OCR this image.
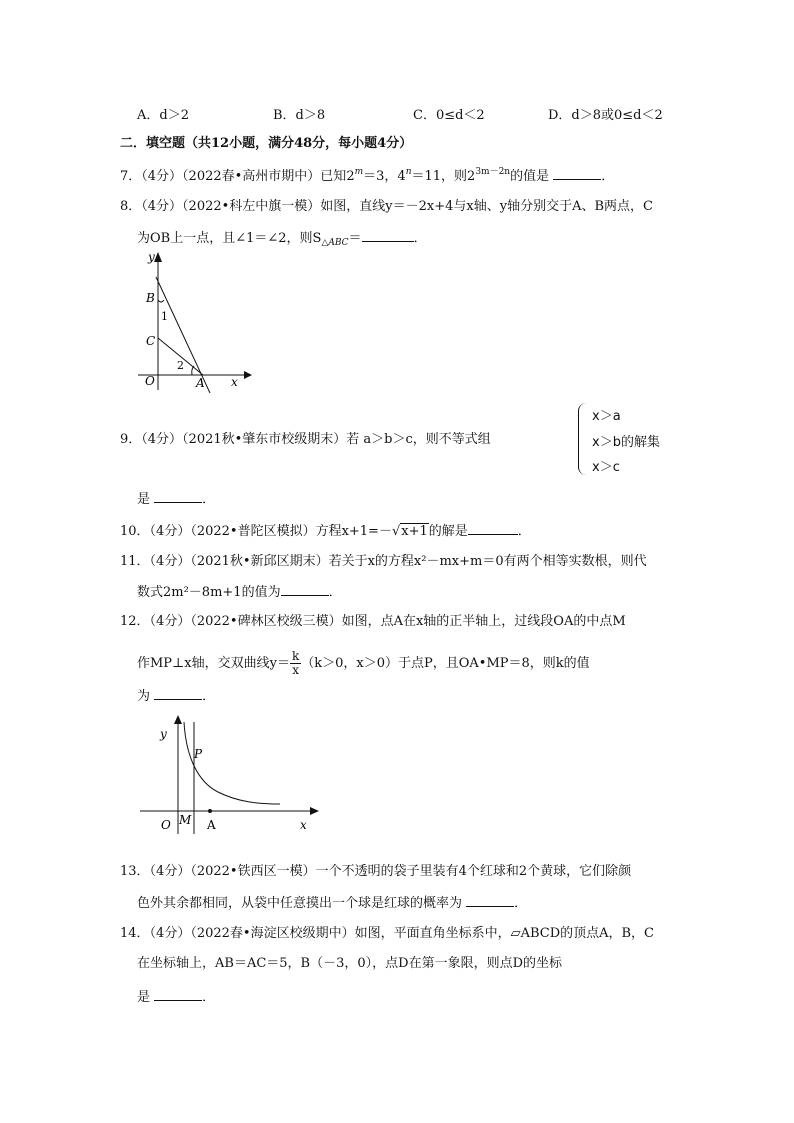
A．d＞2	B．d＞8	C．0≤d＜2	D．d＞8或0≤d＜2
二．填空题（共12小题，满分48分，每小题4分）
7．（4分）（2022春•高州市期中）已知$2^m=3$，$4^n=11$，则$2^{3m-2n}$的值是	．
8．（4分）（2022•科左中旗一模）如图，直线y＝－2x+4与x轴、y轴分别交于A、B两点，C
为OB上一点，且∠1＝∠2，则$S_{\triangle ABC}=$	．
y
x
B
C
O	A
1
2
9．（4分）（2021秋•肇东市校级期末）若 a＞b＞c，则不等式组
x＞a
x＞b的解集
x＞c
是	．
10．（4分）（2022•普陀区模拟）方程x+1=－√x+1的解是	．
11．（4分）（2021秋•新邱区期末）若关于x的方程x²－mx+m＝0有两个相等实数根，则代
数式2m²－8m+1的值为	．
12．（4分）（2022•碑林区校级三模）如图，点A在x轴的正半轴上，过线段OA的中点M
作MP⊥x轴，交双曲线$y= \frac{k}{x} (k>0$，x＞0）于点P，且OA•MP＝8，则k的值
为	．
y
x
O M A
P
13．（4分）（2022•铁西区一模）一个不透明的袋子里装有4个红球和2个黄球，它们除颜
色外其余都相同，从袋中任意摸出一个球是红球的概率为	．
14．（4分）（2022春•海淀区校级期中）如图，平面直角坐标系中，▱ABCD的顶点A，B，C
在坐标轴上，AB＝AC＝5，B（－3，0），点D在第一象限，则点D的坐标
是	．
